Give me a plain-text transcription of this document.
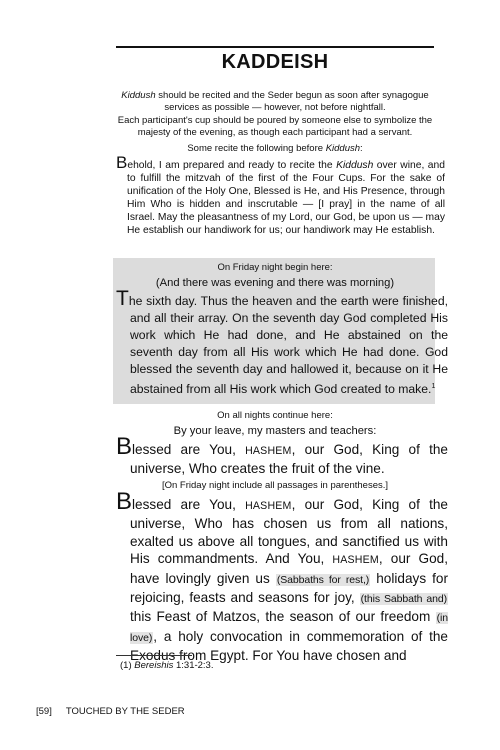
KADDEISH
Kiddush should be recited and the Seder begun as soon after synagogue services as possible — however, not before nightfall.
Each participant's cup should be poured by someone else to symbolize the majesty of the evening, as though each participant had a servant.
Some recite the following before Kiddush:
Behold, I am prepared and ready to recite the Kiddush over wine, and to fulfill the mitzvah of the first of the Four Cups. For the sake of unification of the Holy One, Blessed is He, and His Presence, through Him Who is hidden and inscrutable — [I pray] in the name of all Israel. May the pleasantness of my Lord, our God, be upon us — may He establish our handiwork for us; our handiwork may He establish.
On Friday night begin here:
(And there was evening and there was morning)
The sixth day. Thus the heaven and the earth were finished, and all their array. On the seventh day God completed His work which He had done, and He abstained on the seventh day from all His work which He had done. God blessed the seventh day and hallowed it, because on it He abstained from all His work which God created to make.$^1$
On all nights continue here:
By your leave, my masters and teachers:
Blessed are You, HASHEM, our God, King of the universe, Who creates the fruit of the vine.
[On Friday night include all passages in parentheses.]
Blessed are You, HASHEM, our God, King of the universe, Who has chosen us from all nations, exalted us above all tongues, and sanctified us with His commandments. And You, HASHEM, our God, have lovingly given us (Sabbaths for rest,) holidays for rejoicing, feasts and seasons for joy, (this Sabbath and) this Feast of Matzos, the season of our freedom (in love), a holy convocation in commemoration of the Exodus from Egypt. For You have chosen and
(1) Bereishis 1:31-2:3.
[59] TOUCHED BY THE SEDER
